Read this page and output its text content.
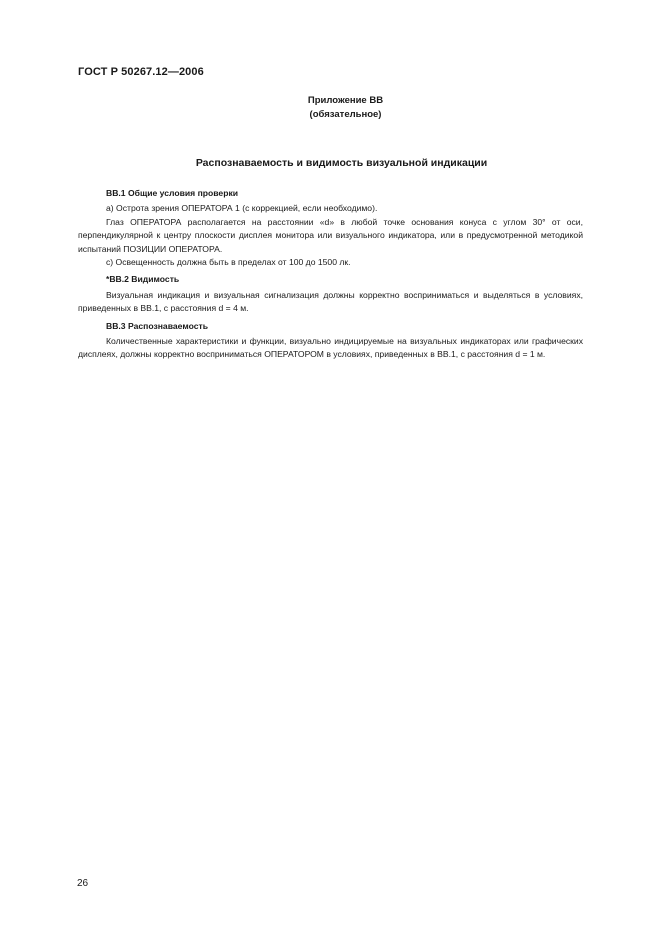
ГОСТ Р 50267.12—2006
Приложение ВВ
(обязательное)
Распознаваемость и видимость визуальной индикации

ВВ.1 Общие условия проверки

а) Острота зрения ОПЕРАТОРА 1 (с коррекцией, если необходимо).

Глаз ОПЕРАТОРА располагается на расстоянии «d» в любой точке основания конуса с углом 30° от оси, перпендикулярной к центру плоскости дисплея монитора или визуального индикатора, или в предусмотренной методикой испытаний ПОЗИЦИИ ОПЕРАТОРА.

с) Освещенность должна быть в пределах от 100 до 1500 лк.

*ВВ.2 Видимость

Визуальная индикация и визуальная сигнализация должны корректно восприниматься и выделяться в условиях, приведенных в ВВ.1, с расстояния d = 4 м.

ВВ.3 Распознаваемость

Количественные характеристики и функции, визуально индицируемые на визуальных индикаторах или графических дисплеях, должны корректно восприниматься ОПЕРАТОРОМ в условиях, приведенных в ВВ.1, с расстояния d = 1 м.

26
